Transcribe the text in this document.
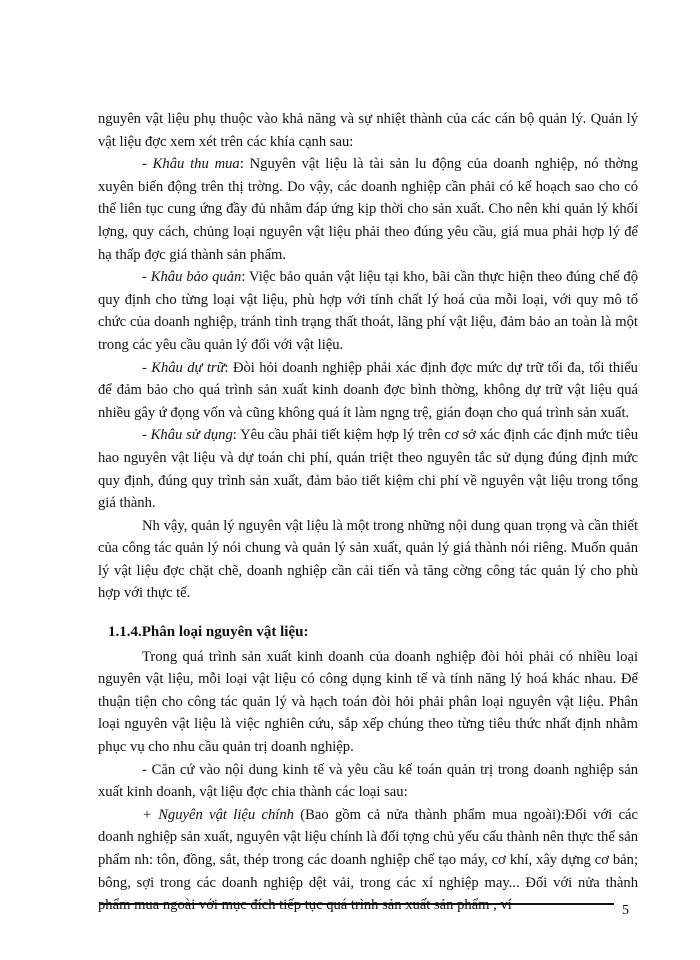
nguyên vật liệu phụ thuộc vào khả năng và sự nhiệt thành của các cán bộ quản lý. Quản lý vật liệu đợc xem xét trên các khía cạnh sau:

- Khâu thu mua: Nguyên vật liệu là tài sản lu động của doanh nghiệp, nó thờng xuyên biến động trên thị trờng. Do vậy, các doanh nghiệp cần phải có kế hoạch sao cho có thể liên tục cung ứng đầy đủ nhằm đáp ứng kịp thời cho sản xuất. Cho nên khi quản lý khối lợng, quy cách, chủng loại nguyên vật liệu phải theo đúng yêu cầu, giá mua phải hợp lý để hạ thấp đợc giá thành sản phẩm.

- Khâu bảo quản: Việc bảo quản vật liệu tại kho, bãi cần thực hiện theo đúng chế độ quy định cho từng loại vật liệu, phù hợp với tính chất lý hoá của mỗi loại, với quy mô tổ chức của doanh nghiệp, tránh tình trạng thất thoát, lãng phí vật liệu, đảm bảo an toàn là một trong các yêu cầu quản lý đối với vật liệu.

- Khâu dự trữ: Đòi hỏi doanh nghiệp phải xác định đợc mức dự trữ tối đa, tối thiểu để đảm bảo cho quá trình sản xuất kinh doanh đợc bình thờng, không dự trữ vật liệu quá nhiều gây ứ đọng vốn và cũng không quá ít làm ngng trệ, gián đoạn cho quá trình sản xuất.

- Khâu sử dụng: Yêu cầu phải tiết kiệm hợp lý trên cơ sở xác định các định mức tiêu hao nguyên vật liệu và dự toán chi phí, quán triệt theo nguyên tắc sử dụng đúng định mức quy định, đúng quy trình sản xuất, đảm bảo tiết kiệm chi phí về nguyên vật liệu trong tổng giá thành.

Nh vậy, quản lý nguyên vật liệu là một trong những nội dung quan trọng và cần thiết của công tác quản lý nói chung và quản lý sản xuất, quản lý giá thành nói riêng. Muốn quản lý vật liệu đợc chặt chẽ, doanh nghiệp cần cải tiến và tăng cờng công tác quản lý cho phù hợp với thực tế.

1.1.4.Phân loại nguyên vật liệu:

Trong quá trình sản xuất kinh doanh của doanh nghiệp đòi hỏi phải có nhiều loại nguyên vật liệu, mỗi loại vật liệu có công dụng kinh tế và tính năng lý hoá khác nhau. Để thuận tiện cho công tác quản lý và hạch toán đòi hỏi phải phân loại nguyên vật liệu. Phân loại nguyên vật liệu là việc nghiên cứu, sắp xếp chúng theo từng tiêu thức nhất định nhằm phục vụ cho nhu cầu quản trị doanh nghiệp.

- Căn cứ vào nội dung kinh tế và yêu cầu kế toán quản trị trong doanh nghiệp sản xuất kinh doanh, vật liệu đợc chia thành các loại sau:

+ Nguyên vật liệu chính (Bao gồm cả nửa thành phẩm mua ngoài):Đối với các doanh nghiệp sản xuất, nguyên vật liệu chính là đối tợng chủ yếu cấu thành nên thực thể sản phẩm nh: tôn, đồng, sắt, thép trong các doanh nghiệp chế tạo máy, cơ khí, xây dựng cơ bản; bông, sợi trong các doanh nghiệp dệt vải, trong các xí nghiệp may... Đối với nửa thành phẩm mua ngoài với mục đích tiếp tục quá trình sản xuất sản phẩm , ví	5
